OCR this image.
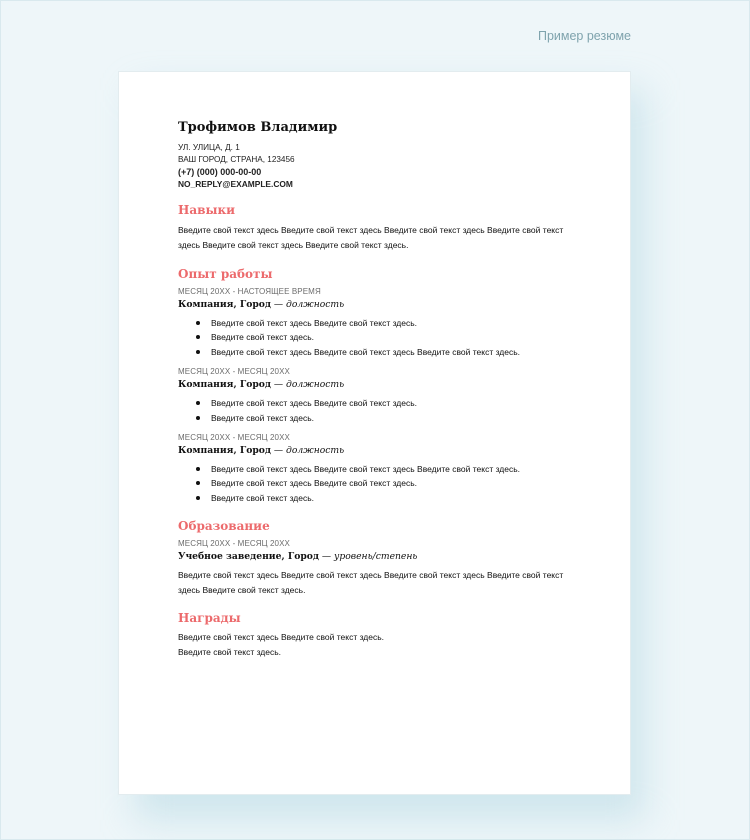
Пример резюме
Трофимов Владимир
УЛ. УЛИЦА, Д. 1
ВАШ ГОРОД, СТРАНА, 123456
(+7) (000) 000-00-00
NO_REPLY@EXAMPLE.COM
Навыки

Введите свой текст здесь Введите свой текст здесь Введите свой текст здесь Введите свой текст здесь Введите свой текст здесь Введите свой текст здесь.

Опыт работы

МЕСЯЦ 20XX - НАСТОЯЩЕЕ ВРЕМЯ

Компания, Город — должность

Введите свой текст здесь Введите свой текст здесь.
Введите свой текст здесь.
Введите свой текст здесь Введите свой текст здесь Введите свой текст здесь.

МЕСЯЦ 20XX - МЕСЯЦ 20XX

Компания, Город — должность

Введите свой текст здесь Введите свой текст здесь.
Введите свой текст здесь.

МЕСЯЦ 20XX - МЕСЯЦ 20XX

Компания, Город — должность

Введите свой текст здесь Введите свой текст здесь Введите свой текст здесь.
Введите свой текст здесь Введите свой текст здесь.
Введите свой текст здесь.
Образование

МЕСЯЦ 20XX - МЕСЯЦ 20XX

Учебное заведение, Город — уровень/степень

Введите свой текст здесь Введите свой текст здесь Введите свой текст здесь Введите свой текст здесь Введите свой текст здесь.

Награды

Введите свой текст здесь Введите свой текст здесь.

Введите свой текст здесь.
